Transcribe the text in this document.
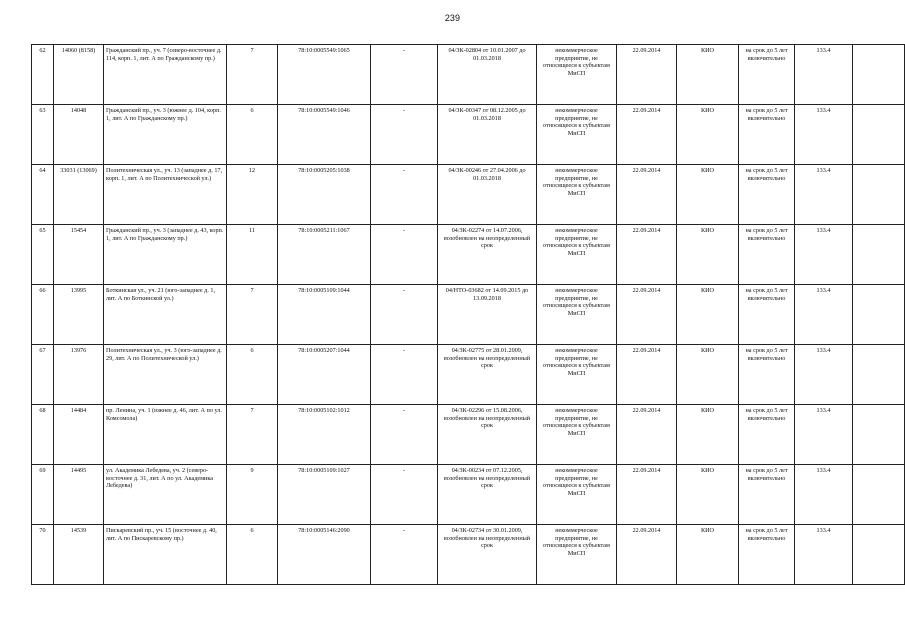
239
62	14060 (8158)	Гражданский пр., уч. 7 (северо-восточнее д. 114, корп. 1, лит. А по Гражданскому пр.)	7	78:10:0005549:1065	-	04/ЗК-02804 от 10.01.2007 до 01.03.2018	некоммерческое предприятие, не относящееся к субъектам МиСП	22.09.2014	КИО	на срок до 5 лет включительно	133.4	
63	14048	Гражданский пр., уч. 3 (южнее д. 104, корп. 1, лит. А по Гражданскому пр.)	6	78:10:0005549:1046	-	04/ЗК-00347 от 08.12.2005 до 01.03.2018	некоммерческое предприятие, не относящееся к субъектам МиСП	22.09.2014	КИО	на срок до 5 лет включительно	133.4	
64	33031 (13069)	Политехническая ул., уч. 13 (западнее д. 17, корп. 1, лит. А по Политехнической ул.)	12	78:10:0005205:1038	-	04/ЗК-00246 от 27.04.2006 до 01.03.2018	некоммерческое предприятие, не относящееся к субъектам МиСП	22.09.2014	КИО	на срок до 5 лет включительно	133.4	
65	15454	Гражданский пр., уч. 3 (западнее д. 43, корп. 1, лит. А по Гражданскому пр.)	11	78:10:0005211:1067	-	04/ЗК-02274 от 14.07.2006, возобновлен на неопределенный срок	некоммерческое предприятие, не относящееся к субъектам МиСП	22.09.2014	КИО	на срок до 5 лет включительно	133.4	
66	13995	Боткинская ул., уч. 21 (юго-западнее д. 1, лит. А по Боткинской ул.)	7	78:10:0005109:1044	-	04/НТО-03682 от 14.09.2015 до 13.09.2018	некоммерческое предприятие, не относящееся к субъектам МиСП	22.09.2014	КИО	на срок до 5 лет включительно	133.4	
67	13976	Политехническая ул., уч. 3 (юго-западнее д. 29, лит. А по Политехнической ул.)	6	78:10:0005207:1044	-	04/ЗК-02775 от 28.01.2009, возобновлен на неопределенный срок	некоммерческое предприятие, не относящееся к субъектам МиСП	22.09.2014	КИО	на срок до 5 лет включительно	133.4	
68	14484	пр. Ленина, уч. 1 (южнее д. 46, лит. А по ул. Комсомола)	7	78:10:0005102:1012	-	04/ЗК-02296 от 15.08.2006, возобновлен на неопределенный срок	некоммерческое предприятие, не относящееся к субъектам МиСП	22.09.2014	КИО	на срок до 5 лет включительно	133.4	
69	14495	ул. Академика Лебедева, уч. 2 (северо-восточнее д. 31, лит. А по ул. Академика Лебедева)	9	78:10:0005109:1027	-	04/ЗК-00234 от 07.12.2005, возобновлен на неопределенный срок	некоммерческое предприятие, не относящееся к субъектам МиСП	22.09.2014	КИО	на срок до 5 лет включительно	133.4	
70	14539	Пискаревский пр., уч. 15 (восточнее д. 40, лит. А по Пискаревскому пр.)	6	78:10:0005146:2090	-	04/ЗК-02734 от 30.01.2009, возобновлен на неопределенный срок	некоммерческое предприятие, не относящееся к субъектам МиСП	22.09.2014	КИО	на срок до 5 лет включительно	133.4	
